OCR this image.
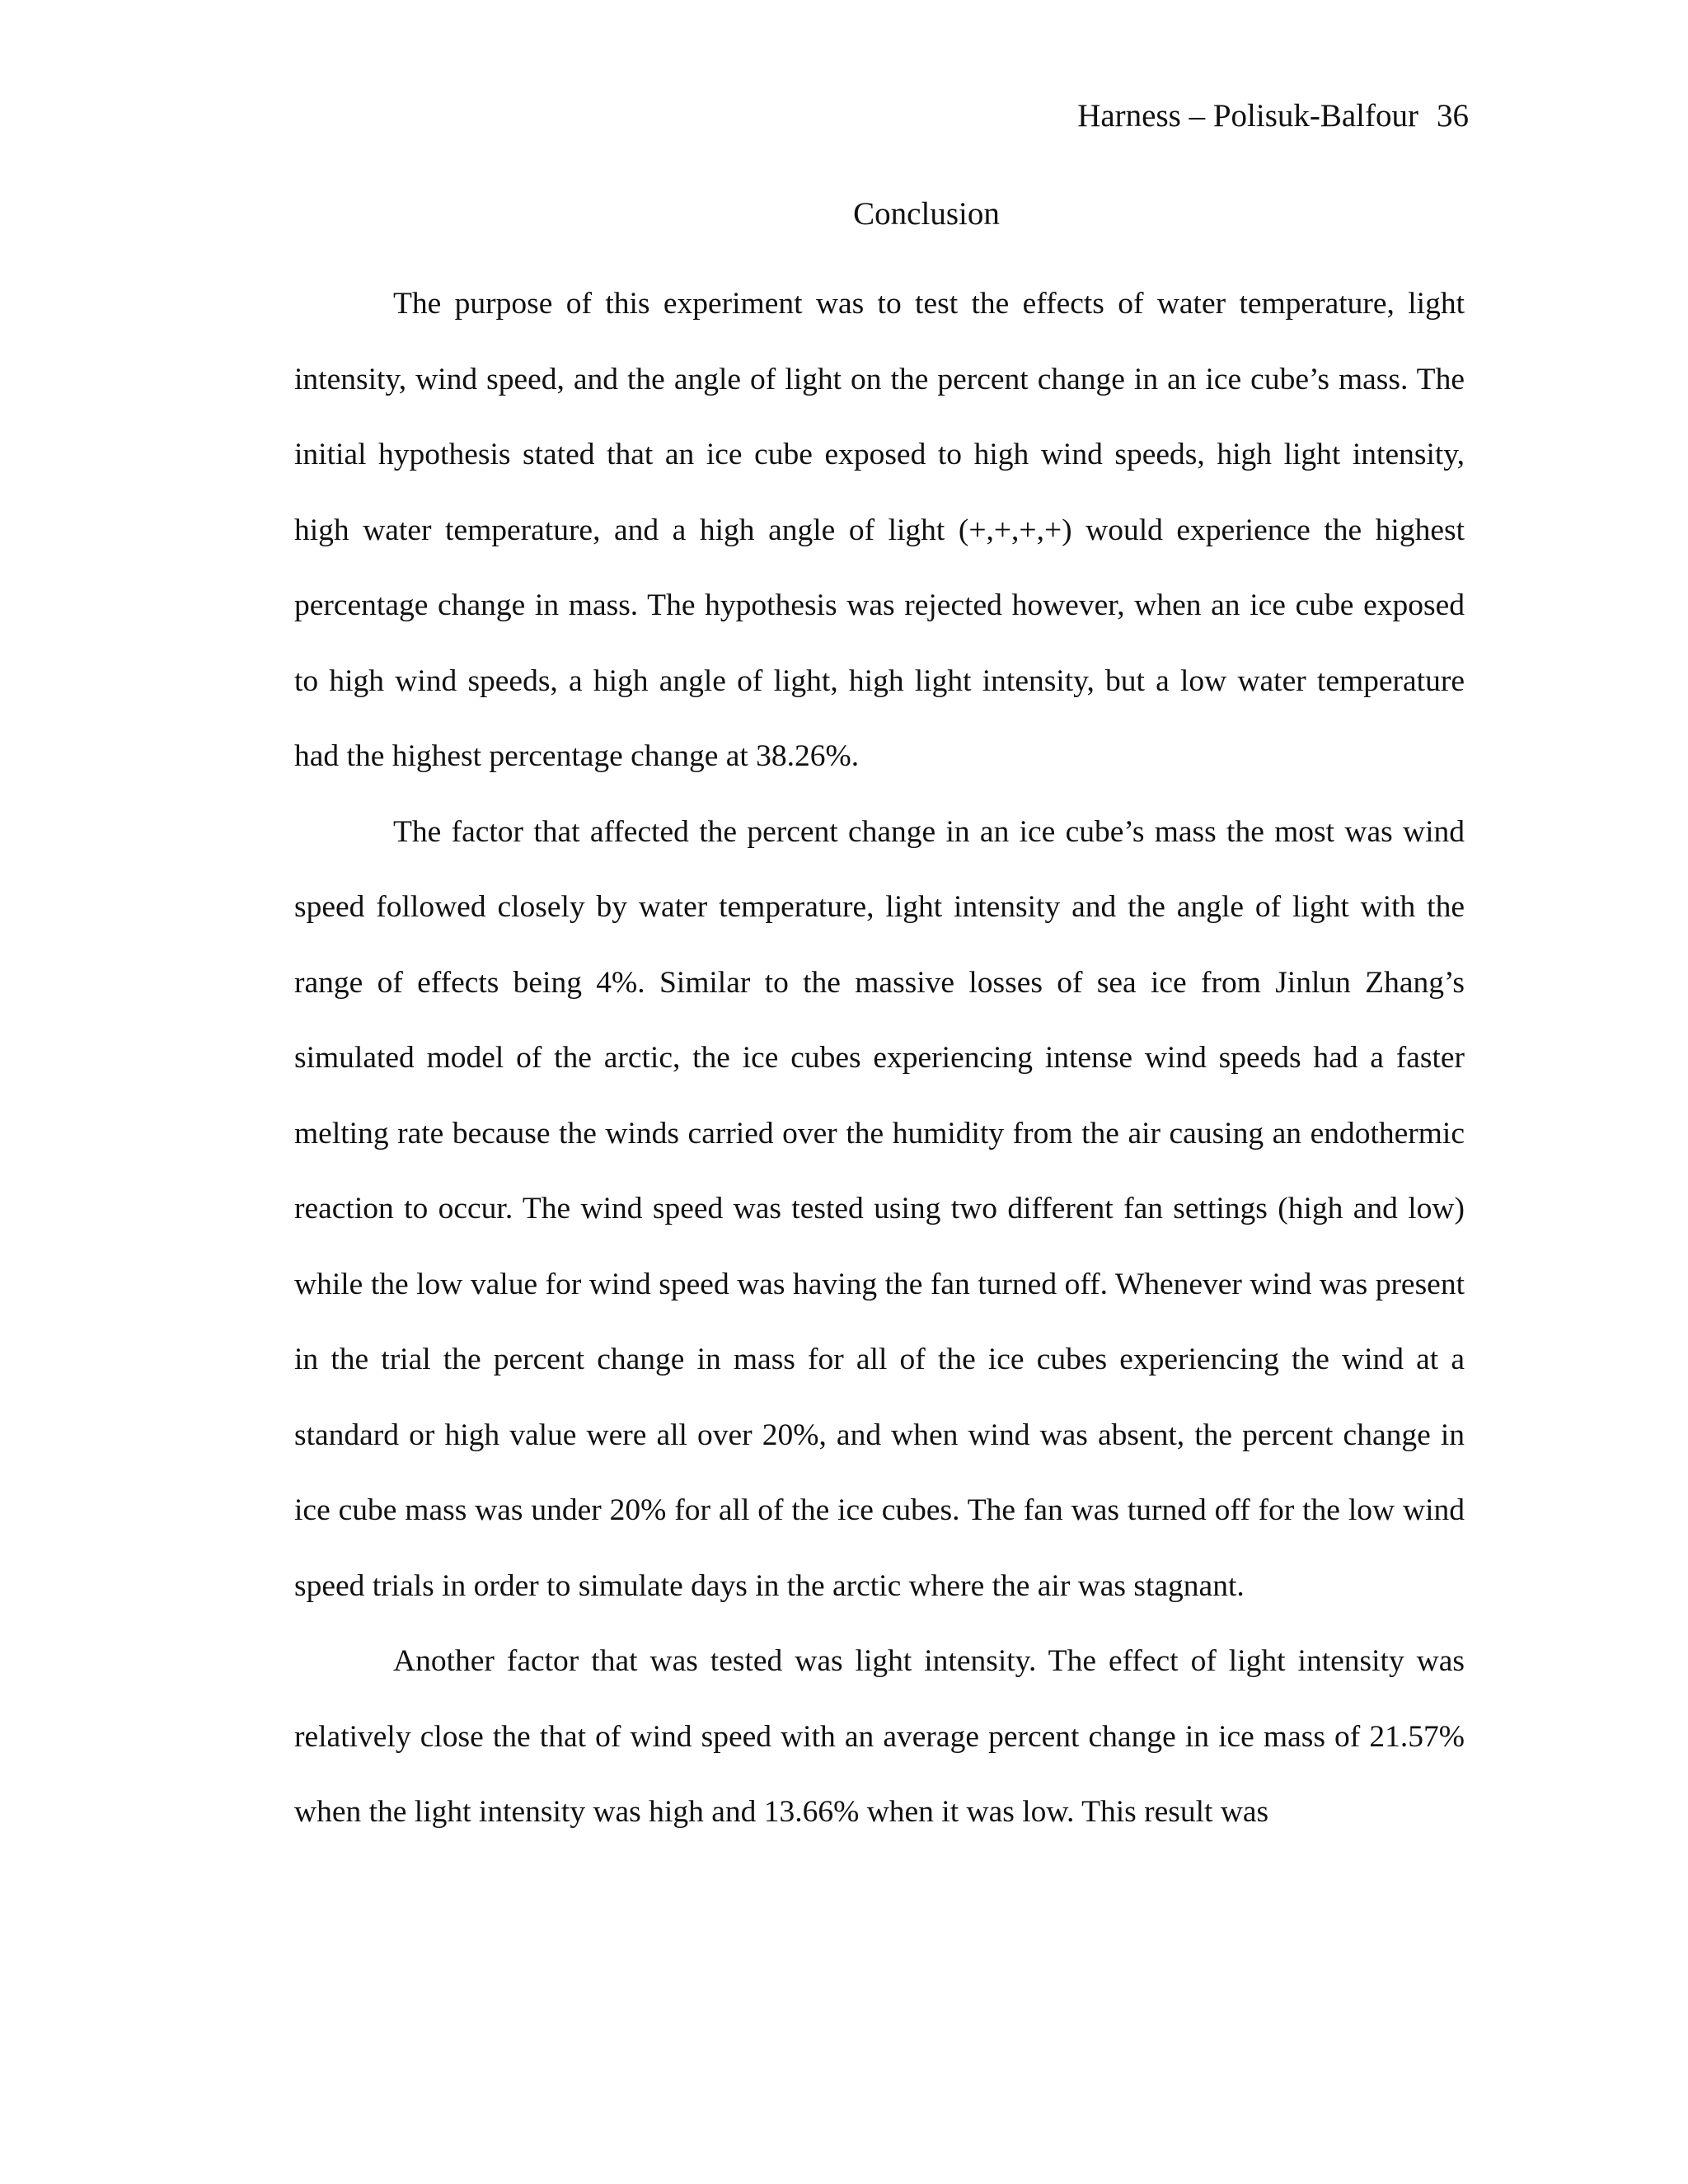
Harness – Polisuk-Balfour 36
Conclusion

The purpose of this experiment was to test the effects of water temperature, light intensity, wind speed, and the angle of light on the percent change in an ice cube’s mass. The initial hypothesis stated that an ice cube exposed to high wind speeds, high light intensity, high water temperature, and a high angle of light (+,+,+,+) would experience the highest percentage change in mass. The hypothesis was rejected however, when an ice cube exposed to high wind speeds, a high angle of light, high light intensity, but a low water temperature had the highest percentage change at 38.26%.

The factor that affected the percent change in an ice cube’s mass the most was wind speed followed closely by water temperature, light intensity and the angle of light with the range of effects being 4%. Similar to the massive losses of sea ice from Jinlun Zhang’s simulated model of the arctic, the ice cubes experiencing intense wind speeds had a faster melting rate because the winds carried over the humidity from the air causing an endothermic reaction to occur. The wind speed was tested using two different fan settings (high and low) while the low value for wind speed was having the fan turned off. Whenever wind was present in the trial the percent change in mass for all of the ice cubes experiencing the wind at a standard or high value were all over 20%, and when wind was absent, the percent change in ice cube mass was under 20% for all of the ice cubes. The fan was turned off for the low wind speed trials in order to simulate days in the arctic where the air was stagnant.

Another factor that was tested was light intensity. The effect of light intensity was relatively close the that of wind speed with an average percent change in ice mass of 21.57% when the light intensity was high and 13.66% when it was low. This result was
